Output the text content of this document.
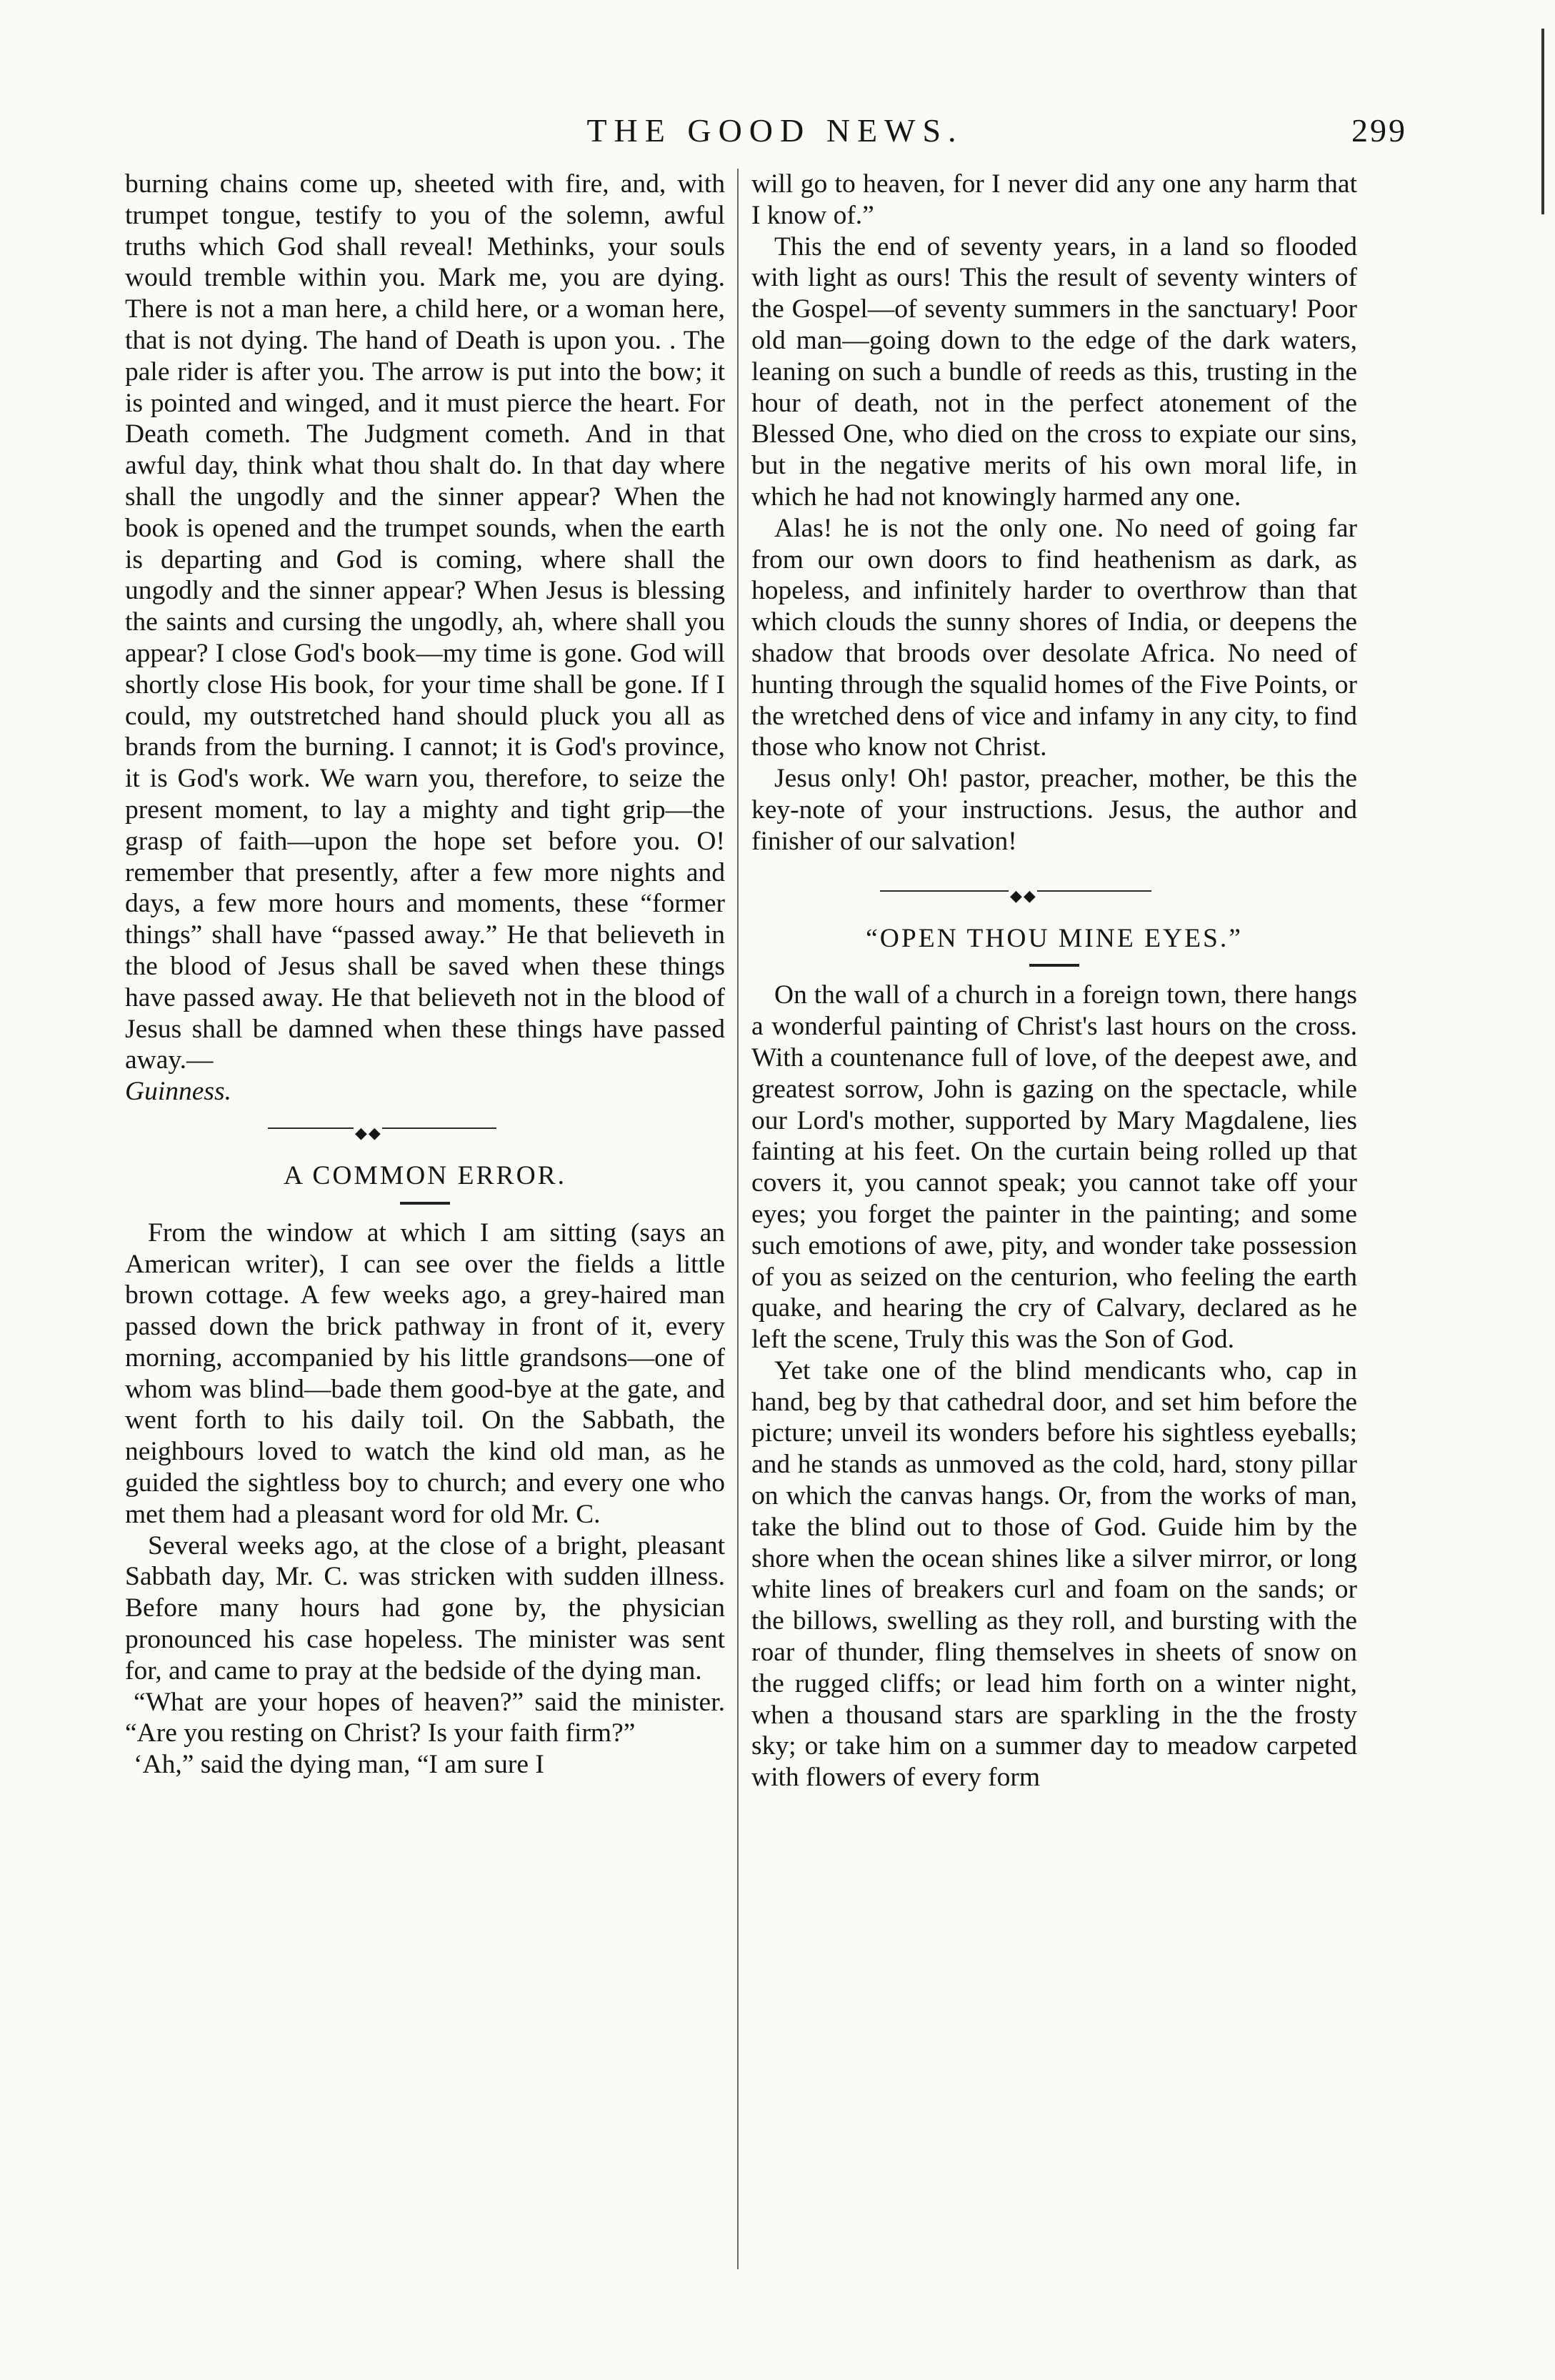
THE GOOD NEWS.	299

burning chains come up, sheeted with fire, and, with trumpet tongue, testify to you of the solemn, awful truths which God shall reveal! Methinks, your souls would tremble within you. Mark me, you are dying. There is not a man here, a child here, or a woman here, that is not dying. The hand of Death is upon you. . The pale rider is after you. The arrow is put into the bow; it is pointed and winged, and it must pierce the heart. For Death cometh. The Judgment cometh. And in that awful day, think what thou shalt do. In that day where shall the ungodly and the sinner appear? When the book is opened and the trumpet sounds, when the earth is departing and God is coming, where shall the ungodly and the sinner appear? When Jesus is blessing the saints and cursing the ungodly, ah, where shall you appear? I close God's book—my time is gone. God will shortly close His book, for your time shall be gone. If I could, my outstretched hand should pluck you all as brands from the burning. I cannot; it is God's province, it is God's work. We warn you, therefore, to seize the present moment, to lay a mighty and tight grip—the grasp of faith—upon the hope set before you. O! remember that presently, after a few more nights and days, a few more hours and moments, these “former things” shall have “passed away.” He that believeth in the blood of Jesus shall be saved when these things have passed away. He that believeth not in the blood of Jesus shall be damned when these things have passed away.—

Guinness.

◆◆
A COMMON ERROR.

From the window at which I am sitting (says an American writer), I can see over the fields a little brown cottage. A few weeks ago, a grey-haired man passed down the brick pathway in front of it, every morning, accompanied by his little grandsons—one of whom was blind—bade them good-bye at the gate, and went forth to his daily toil. On the Sabbath, the neighbours loved to watch the kind old man, as he guided the sightless boy to church; and every one who met them had a pleasant word for old Mr. C.

Several weeks ago, at the close of a bright, pleasant Sabbath day, Mr. C. was stricken with sudden illness. Before many hours had gone by, the physician pronounced his case hopeless. The minister was sent for, and came to pray at the bedside of the dying man.

“What are your hopes of heaven?” said the minister. “Are you resting on Christ? Is your faith firm?”

‘Ah,” said the dying man, “I am sure I

will go to heaven, for I never did any one any harm that I know of.”

This the end of seventy years, in a land so flooded with light as ours! This the result of seventy winters of the Gospel—of seventy summers in the sanctuary! Poor old man—going down to the edge of the dark waters, leaning on such a bundle of reeds as this, trusting in the hour of death, not in the perfect atonement of the Blessed One, who died on the cross to expiate our sins, but in the negative merits of his own moral life, in which he had not knowingly harmed any one.

Alas! he is not the only one. No need of going far from our own doors to find heathenism as dark, as hopeless, and infinitely harder to overthrow than that which clouds the sunny shores of India, or deepens the shadow that broods over desolate Africa. No need of hunting through the squalid homes of the Five Points, or the wretched dens of vice and infamy in any city, to find those who know not Christ.

Jesus only! Oh! pastor, preacher, mother, be this the key-note of your instructions. Jesus, the author and finisher of our salvation!

◆◆
“OPEN THOU MINE EYES.”

On the wall of a church in a foreign town, there hangs a wonderful painting of Christ's last hours on the cross. With a countenance full of love, of the deepest awe, and greatest sorrow, John is gazing on the spectacle, while our Lord's mother, supported by Mary Magdalene, lies fainting at his feet. On the curtain being rolled up that covers it, you cannot speak; you cannot take off your eyes; you forget the painter in the painting; and some such emotions of awe, pity, and wonder take possession of you as seized on the centurion, who feeling the earth quake, and hearing the cry of Calvary, declared as he left the scene, Truly this was the Son of God.

Yet take one of the blind mendicants who, cap in hand, beg by that cathedral door, and set him before the picture; unveil its wonders before his sightless eyeballs; and he stands as unmoved as the cold, hard, stony pillar on which the canvas hangs. Or, from the works of man, take the blind out to those of God. Guide him by the shore when the ocean shines like a silver mirror, or long white lines of breakers curl and foam on the sands; or the billows, swelling as they roll, and bursting with the roar of thunder, fling themselves in sheets of snow on the rugged cliffs; or lead him forth on a winter night, when a thousand stars are sparkling in the the frosty sky; or take him on a summer day to meadow carpeted with flowers of every form
